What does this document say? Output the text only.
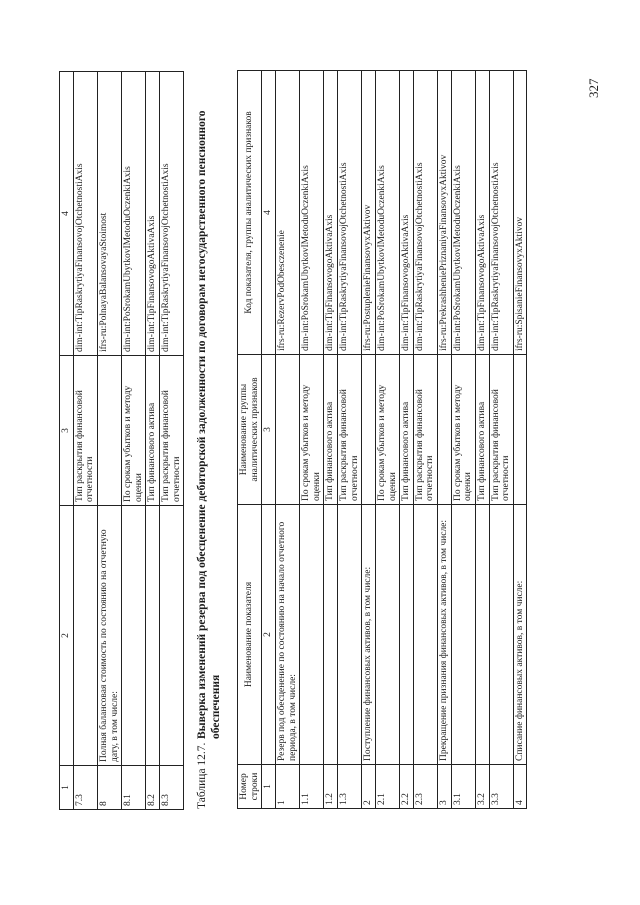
1	2	3	4
7.3		Тип раскрытия финансовой отчетности	dim-int:TipRaskrytiyaFinansovojOtchetnostiAxis
8	Полная балансовая стоимость по состоянию на отчетную дату, в том числе:		ifrs-ru:PolnayaBalansovayaStoimost
8.1		По срокам убытков и методу оценки	dim-int:PoSrokamUbytkovIMetoduOczenkiAxis
8.2		Тип финансового актива	dim-int:TipFinansovogoAktivaAxis
8.3		Тип раскрытия финансовой отчетности	dim-int:TipRaskrytiyaFinansovojOtchetnostiAxis
Таблица 12.7.
Выверка изменений резерва под обесценение дебиторской задолженности по договорам негосударственного пенсионного обеспечения
Номер строки	Наименование показателя	Наименование группы аналитических признаков	Код показателя, группы аналитических признаков
1	2	3	4
1	Резерв под обесценение по состоянию на начало отчетного периода, в том числе:		ifrs-ru:RezervPodObesczenenie
1.1		По срокам убытков и методу оценки	dim-int:PoSrokamUbytkovIMetoduOczenkiAxis
1.2		Тип финансового актива	dim-int:TipFinansovogoAktivaAxis
1.3		Тип раскрытия финансовой отчетности	dim-int:TipRaskrytiyaFinansovojOtchetnostiAxis
2	Поступление финансовых активов, в том числе:		ifrs-ru:PostuplenieFinansovyxAktivov
2.1		По срокам убытков и методу оценки	dim-int:PoSrokamUbytkovIMetoduOczenkiAxis
2.2		Тип финансового актива	dim-int:TipFinansovogoAktivaAxis
2.3		Тип раскрытия финансовой отчетности	dim-int:TipRaskrytiyaFinansovojOtchetnostiAxis
3	Прекращение признания финансовых активов, в том числе:		ifrs-ru:PrekrashheniePriznaniyaFinansovyxAktivov
3.1		По срокам убытков и методу оценки	dim-int:PoSrokamUbytkovIMetoduOczenkiAxis
3.2		Тип финансового актива	dim-int:TipFinansovogoAktivaAxis
3.3		Тип раскрытия финансовой отчетности	dim-int:TipRaskrytiyaFinansovojOtchetnostiAxis
4	Списание финансовых активов, в том числе:		ifrs-ru:SpisanieFinansovyxAktivov
327
